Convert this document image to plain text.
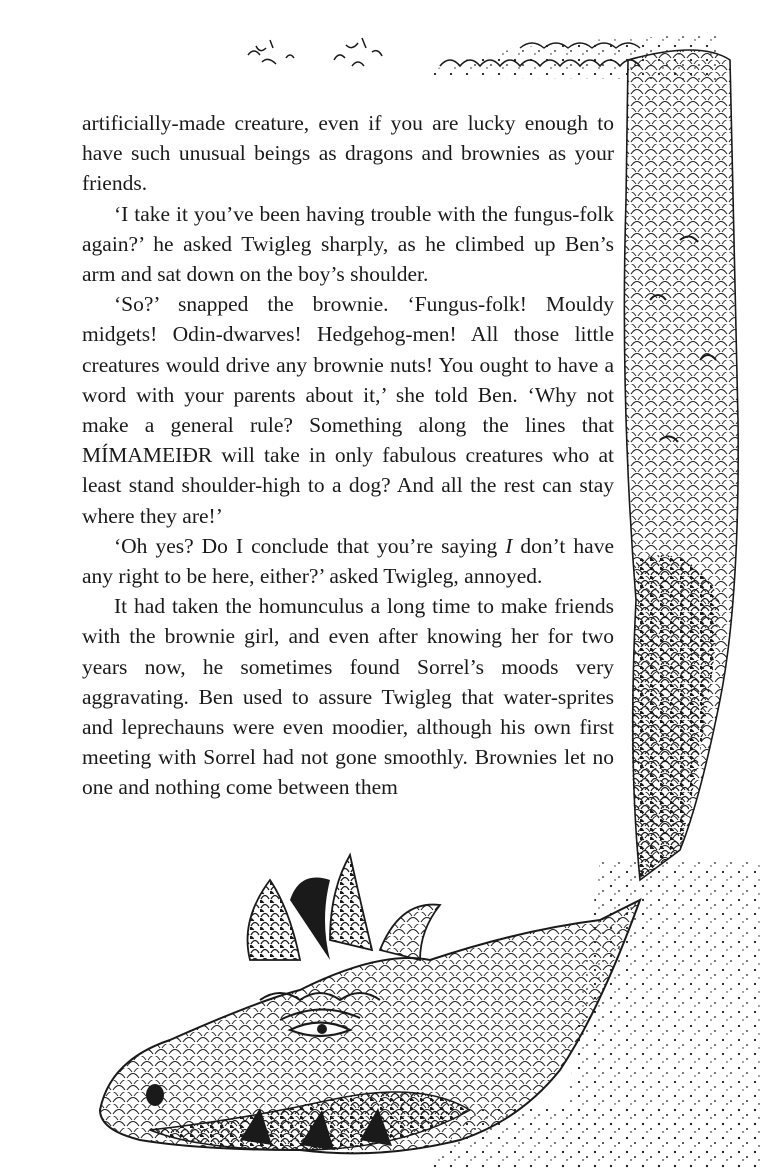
artificially-made creature, even if you are lucky enough to have such unusual beings as dragons and brownies as your friends.

‘I take it you’ve been having trouble with the fungus-folk again?’ he asked Twigleg sharply, as he climbed up Ben’s arm and sat down on the boy’s shoulder.

‘So?’ snapped the brownie. ‘Fungus-folk! Mouldy midgets! Odin-dwarves! Hedgehog-men! All those little creatures would drive any brownie nuts! You ought to have a word with your parents about it,’ she told Ben. ‘Why not make a general rule? Something along the lines that MÍMAMEIÐR will take in only fabulous creatures who at least stand shoulder-high to a dog? And all the rest can stay where they are!’

‘Oh yes? Do I conclude that you’re saying I don’t have any right to be here, either?’ asked Twigleg, annoyed.

It had taken the homunculus a long time to make friends with the brownie girl, and even after knowing her for two years now, he sometimes found Sorrel’s moods very aggravating. Ben used to assure Twigleg that water-sprites and leprechauns were even moodier, although his own first meeting with Sorrel had not gone smoothly. Brownies let no one and nothing come between them
